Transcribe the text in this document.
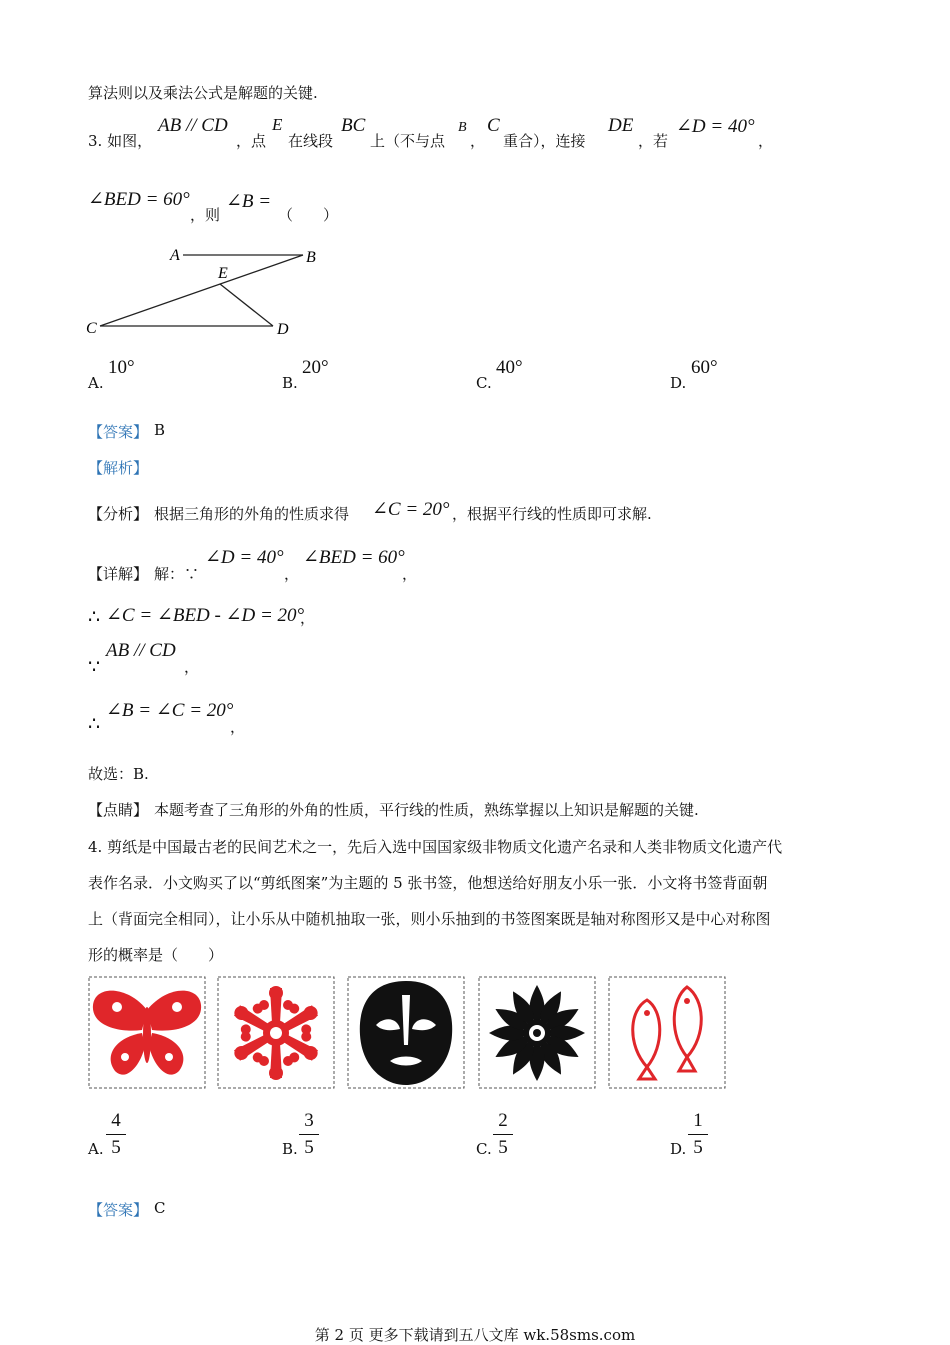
算法则以及乘法公式是解题的关键.
3. 如图，
AB // CD
，点
E
在线段
BC
上（不与点
B
，
C
重合），连接
DE
，若
∠D = 40°
，
∠BED = 60°
，则
∠B =
（　　）
A	B
E
C	D
A.
10°
B.
20°
C.
40°
D.
60°
【答案】 B
【解析】
【分析】 根据三角形的外角的性质求得 ∠C = 20° ，根据平行线的性质即可求解.
【详解】 解：∵
∠D = 40°
，
∠BED = 60°
，
∴ ∠C = ∠BED - ∠D = 20°
，
∵
AB // CD
，
∴
∠B = ∠C = 20°
，
故选：B.
【点睛】 本题考查了三角形的外角的性质，平行线的性质，熟练掌握以上知识是解题的关键.
4. 剪纸是中国最古老的民间艺术之一，先后入选中国国家级非物质文化遗产名录和人类非物质文化遗产代
表作名录．小文购买了以“剪纸图案”为主题的 5 张书签，他想送给好朋友小乐一张．小文将书签背面朝
上（背面完全相同），让小乐从中随机抽取一张，则小乐抽到的书签图案既是轴对称图形又是中心对称图
形的概率是（　　）
A.
4
5	B.
3
5	C.
2
5	D.
1
5
【答案】 C
第 2 页 更多下载请到五八文库 wk.58sms.com
